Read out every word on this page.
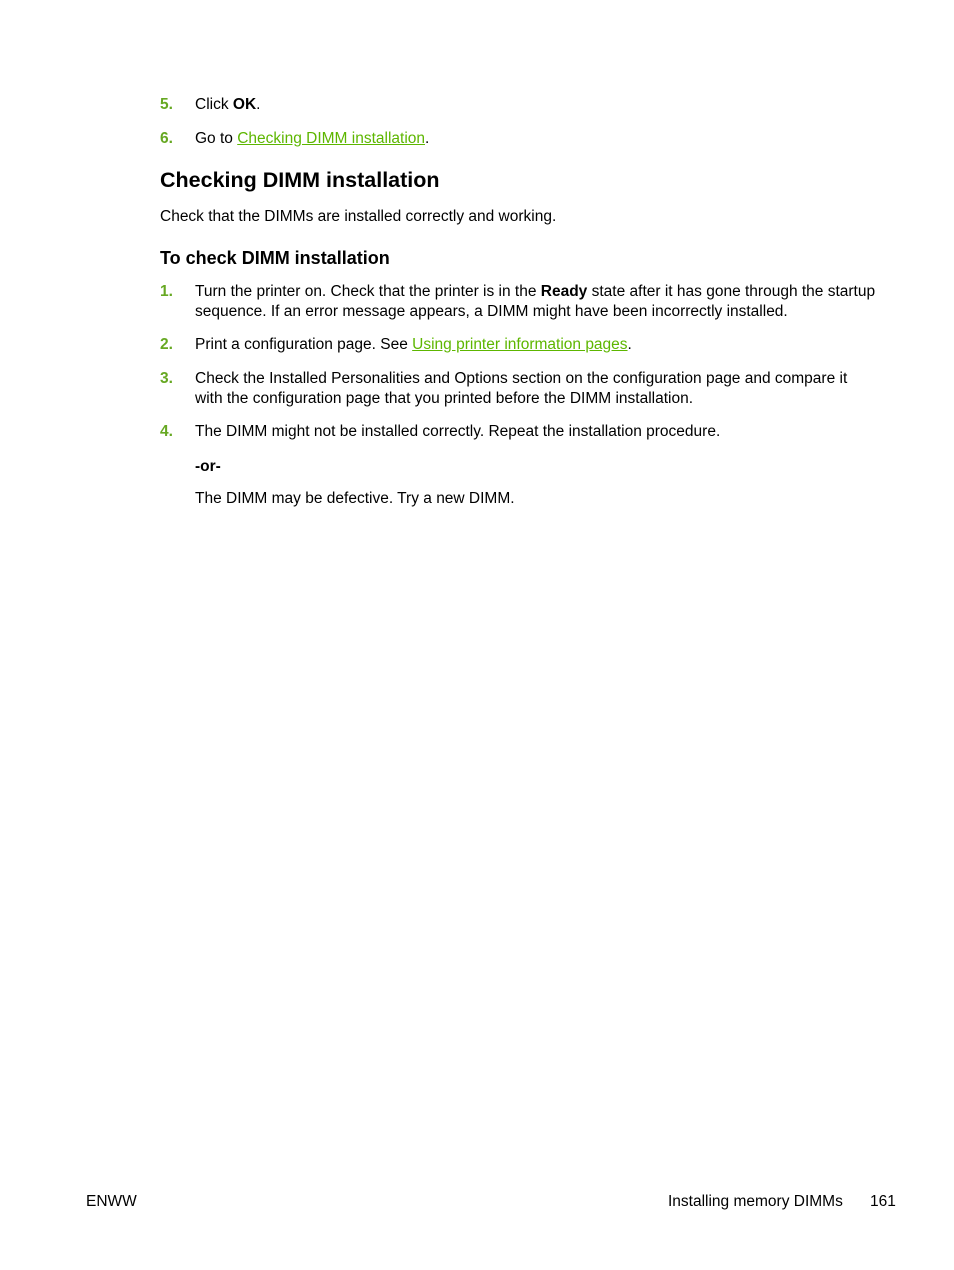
5. Click OK.
6. Go to Checking DIMM installation.
Checking DIMM installation

Check that the DIMMs are installed correctly and working.

To check DIMM installation
1. Turn the printer on. Check that the printer is in the Ready state after it has gone through the startup
sequence. If an error message appears, a DIMM might have been incorrectly installed.
2. Print a configuration page. See Using printer information pages.
3. Check the Installed Personalities and Options section on the configuration page and compare it
with the configuration page that you printed before the DIMM installation.
4. The DIMM might not be installed correctly. Repeat the installation procedure.
-or-
The DIMM may be defective. Try a new DIMM.
ENWW	Installing memory DIMMs 161
